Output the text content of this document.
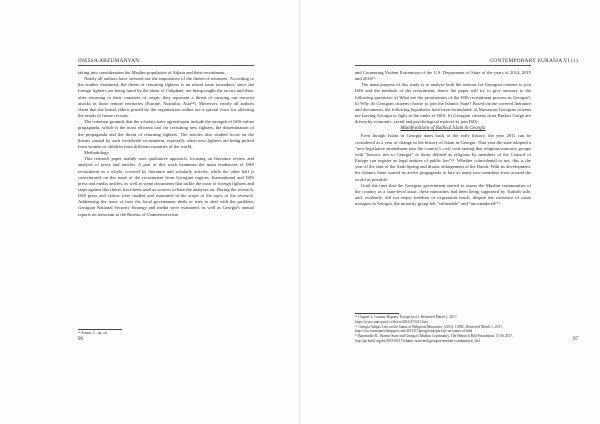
INESSA ARZUMANYAN

taking into consideration the Muslim population of Adjara and their recruitment.

Nearly all authors have stressed out the importance of the threat of returnees. According to the studies examined, the threat of returning fighters is an actual issue nowadays, since the foreign fighters are being lured by the ideas of Caliphate, are being taught the tactics and then, after returning to their countries of origin, they represent a threat of carrying out terrorist attacks in those remote territories (Europe, Australia, Asia¹⁴). Moreover, nearly all authors claim that the brutal videos posted by the organization online are a special force for affecting the minds of future recruits.

The common grounds that the scholars have agreed upon include the strength of ISIS online propaganda, which is the most efficient tool for recruiting new fighters, the dissemination of the propaganda and the threat of returning fighters. The articles also studied focus on the threats caused by such worldwide recruitment, especially when new fighters are being picked from women or children from different countries of the world.

Methodology

This research paper mainly uses qualitative approach, focusing on literature review and analysis of press and articles. A part of this work examines the main tendencies of ISIS recruitment as a whole, covered by literature and scholarly articles, while the other half is concentrated on the issue of the recruitment from Georgian regions. International and ISIS press and media articles, as well as some documents that tackle the issue of foreign fighters and steps against this threat, have been used as sources to base the analyses on. During the research, ISIS press and videos were studied and examined in the scope of the topic of the research. Addressing the issue of how the local government deals or tries to deal with the problem, Georgian National Security Strategy and media were examined, as well as Georgia's annual reports on terrorism to the Bureau of Counterterrorism

¹⁴ Arzani, C., op. cit.

96
CONTEMPORARY EURASIA VI (1)

and Countering Violent Extremism of the U.S. Department of State of the years of 2014, 2015 and 2016¹⁵.

The main purpose of this study is to analyze both the reasons for Georgian citizens to join ISIS and the methods of the recruitment; hence the paper will try to give answers to the following questions: a) What are the peculiarities of the ISIS recruitment process in Georgia?; b) Why do Georgian citizens choose to join the Islamic State? Based on the covered literature and documents, the following hypothesis have been formulated: a) Numerous Georgian citizens are leaving Georgia to fight in the ranks of ISIS; b) Georgian citizens from Pankisi Gorge are driven by economic, social and psychological motives to join ISIS.

Manifestations of Radical Islam in Georgia

Even though Islam in Georgia dates back to the early history, the year 2011 can be considered as a year of change in the history of Islam in Georgia. That year the state adopted a "new legislative amendment into the country's civil code stating that religious minority groups with "historic ties to Georgia" or those defined as religious by members of the Council of Europe can register as legal entities of public law"¹⁶. Whether coincidental or not, this is the year of the start of the Arab Spring and drastic enlargement of the Daesh. With its development, the Islamic State started its active propaganda to lure as many new members from around the world as possible.

Until the time that the Georgian government started to assess the Muslim communities of the country as a state-level issue, these minorities had been being supported by Turkish side, and, evidently, did not enjoy freedom of expression much, despite the existence of some mosques in Georgia, the minority group felt "vulnerable" and "unconsidered"¹⁷.

¹⁵ Chapter 2. Country Reports: Europe (n.d.). Retrieved March 1, 2017, https://www.state.gov/j/ct/rls/crt/2016/272231.htm

¹⁶ Georgia Adopts Law on the Status of Religious Minorities. (2011). CSRC. Retrieved March 1, 2017, http://csrc.eurasianet.blogspot.com/2011/07/georgia-adopts-law-on-status-of.html

¹⁷ Baramidze R., Islamic State and Georgia's Muslim Community. The Heinrich Böll Foundation. 17.06.2017, http://ge.boell.org/en/2015/06/17/islamic-state-and-georgias-muslim-community#_ftn1	97
